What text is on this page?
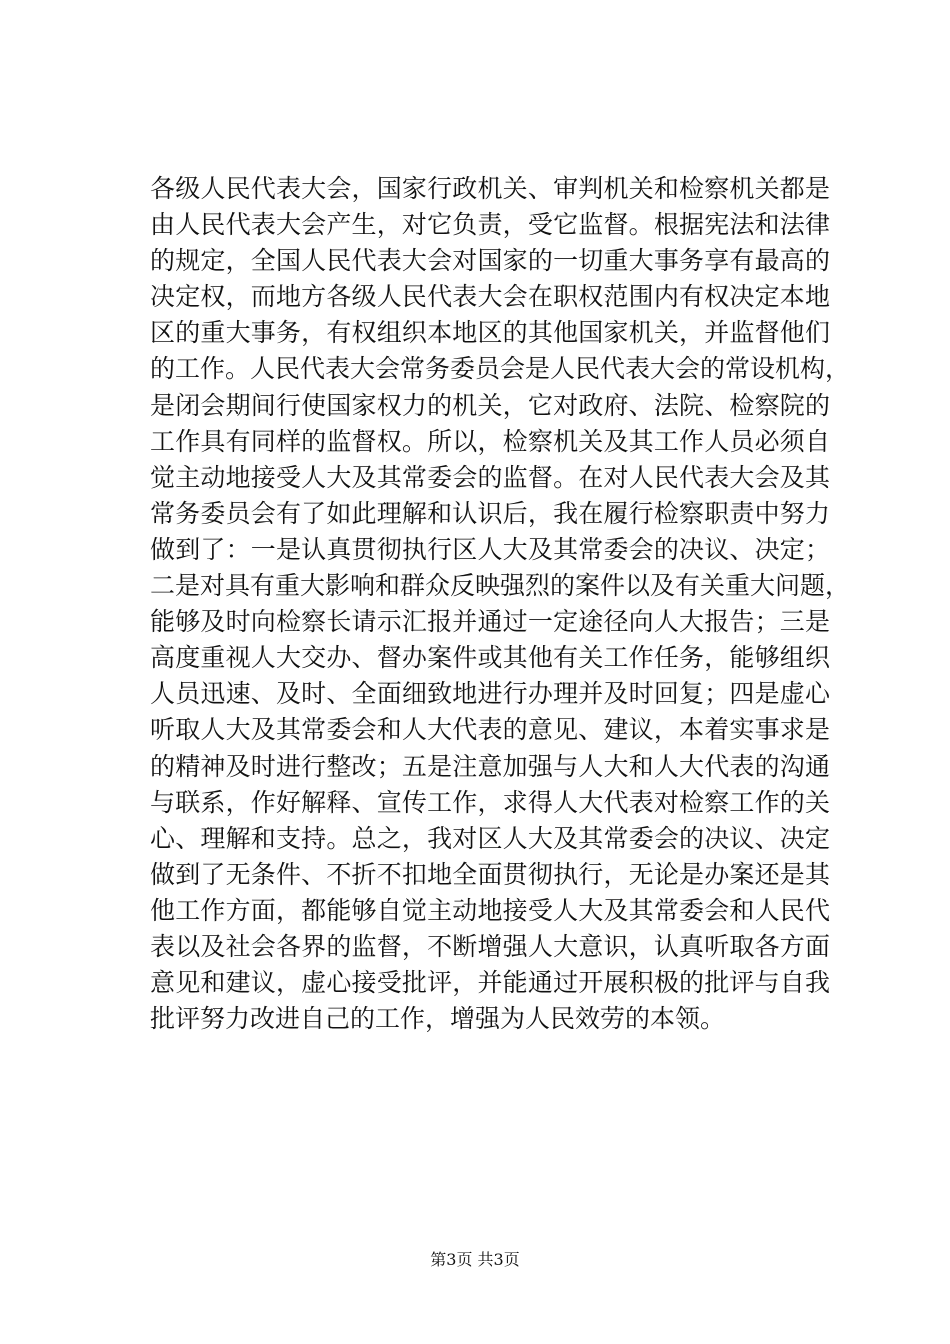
各级人民代表大会，国家行政机关、审判机关和检察机关都是
由人民代表大会产生，对它负责，受它监督。根据宪法和法律
的规定，全国人民代表大会对国家的一切重大事务享有最高的
决定权，而地方各级人民代表大会在职权范围内有权决定本地
区的重大事务，有权组织本地区的其他国家机关，并监督他们
的工作。人民代表大会常务委员会是人民代表大会的常设机构，
是闭会期间行使国家权力的机关，它对政府、法院、检察院的
工作具有同样的监督权。所以，检察机关及其工作人员必须自
觉主动地接受人大及其常委会的监督。在对人民代表大会及其
常务委员会有了如此理解和认识后，我在履行检察职责中努力
做到了：一是认真贯彻执行区人大及其常委会的决议、决定；
二是对具有重大影响和群众反映强烈的案件以及有关重大问题，
能够及时向检察长请示汇报并通过一定途径向人大报告；三是
高度重视人大交办、督办案件或其他有关工作任务，能够组织
人员迅速、及时、全面细致地进行办理并及时回复；四是虚心
听取人大及其常委会和人大代表的意见、建议，本着实事求是
的精神及时进行整改；五是注意加强与人大和人大代表的沟通
与联系，作好解释、宣传工作，求得人大代表对检察工作的关
心、理解和支持。总之，我对区人大及其常委会的决议、决定
做到了无条件、不折不扣地全面贯彻执行，无论是办案还是其
他工作方面，都能够自觉主动地接受人大及其常委会和人民代
表以及社会各界的监督，不断增强人大意识，认真听取各方面
意见和建议，虚心接受批评，并能通过开展积极的批评与自我
批评努力改进自己的工作，增强为人民效劳的本领。
第3页 共3页
